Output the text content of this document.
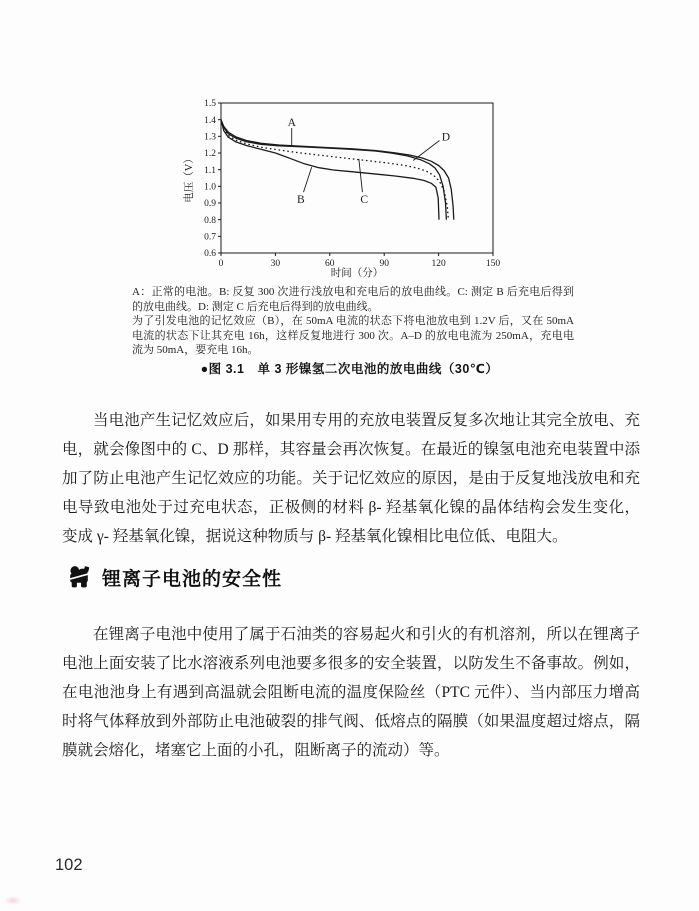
1.5
1.4
1.3
1.2
1.1
1.0
0.9
0.8
0.7
0.6
0	30	60	90	120	150
A
B	C
D
电压（V）
时间（分）

A：正常的电池。B: 反复 300 次进行浅放电和充电后的放电曲线。C: 测定 B 后充电后得到的放电曲线。D: 测定 C 后充电后得到的放电曲线。

为了引发电池的记忆效应（B），在 50mA 电流的状态下将电池放电到 1.2V 后，又在 50mA 电流的状态下让其充电 16h，这样反复地进行 300 次。A–D 的放电电流为 250mA，充电电流为 50mA，要充电 16h。

●图 3.1　单 3 形镍氢二次电池的放电曲线（30℃）
当电池产生记忆效应后，如果用专用的充放电装置反复多次地让其完全放电、充电，就会像图中的 C、D 那样，其容量会再次恢复。在最近的镍氢电池充电装置中添加了防止电池产生记忆效应的功能。关于记忆效应的原因，是由于反复地浅放电和充电导致电池处于过充电状态，正极侧的材料 β- 羟基氧化镍的晶体结构会发生变化，变成 γ- 羟基氧化镍，据说这种物质与 β- 羟基氧化镍相比电位低、电阻大。
锂离子电池的安全性
在锂离子电池中使用了属于石油类的容易起火和引火的有机溶剂，所以在锂离子电池上面安装了比水溶液系列电池要多很多的安全装置，以防发生不备事故。例如，在电池池身上有遇到高温就会阻断电流的温度保险丝（PTC 元件）、当内部压力增高时将气体释放到外部防止电池破裂的排气阀、低熔点的隔膜（如果温度超过熔点，隔膜就会熔化，堵塞它上面的小孔，阻断离子的流动）等。
102
